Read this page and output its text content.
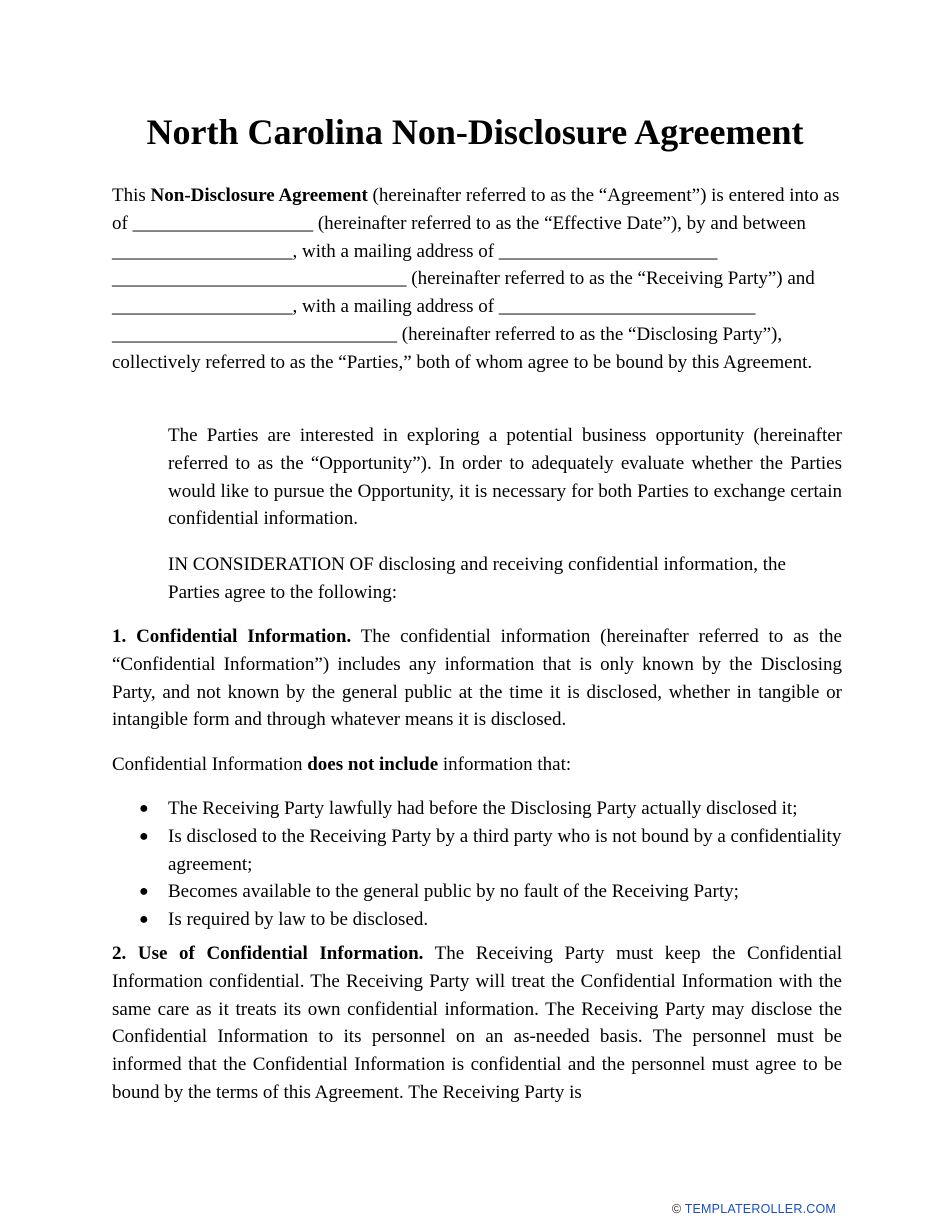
North Carolina Non-Disclosure Agreement

This Non-Disclosure Agreement (hereinafter referred to as the “Agreement”) is entered into as of ___________________ (hereinafter referred to as the “Effective Date”), by and between ___________________, with a mailing address of _______________________ _______________________________ (hereinafter referred to as the “Receiving Party”) and ___________________, with a mailing address of ___________________________ ______________________________ (hereinafter referred to as the “Disclosing Party”), collectively referred to as the “Parties,” both of whom agree to be bound by this Agreement.

The Parties are interested in exploring a potential business opportunity (hereinafter referred to as the “Opportunity”). In order to adequately evaluate whether the Parties would like to pursue the Opportunity, it is necessary for both Parties to exchange certain confidential information.

IN CONSIDERATION OF disclosing and receiving confidential information, the Parties agree to the following:

1. Confidential Information. The confidential information (hereinafter referred to as the “Confidential Information”) includes any information that is only known by the Disclosing Party, and not known by the general public at the time it is disclosed, whether in tangible or intangible form and through whatever means it is disclosed.

Confidential Information does not include information that:

● The Receiving Party lawfully had before the Disclosing Party actually disclosed it;
● Is disclosed to the Receiving Party by a third party who is not bound by a confidentiality agreement;
● Becomes available to the general public by no fault of the Receiving Party;
● Is required by law to be disclosed.

2. Use of Confidential Information. The Receiving Party must keep the Confidential Information confidential. The Receiving Party will treat the Confidential Information with the same care as it treats its own confidential information. The Receiving Party may disclose the Confidential Information to its personnel on an as-needed basis. The personnel must be informed that the Confidential Information is confidential and the personnel must agree to be bound by the terms of this Agreement. The Receiving Party is

© TEMPLATEROLLER.COM
